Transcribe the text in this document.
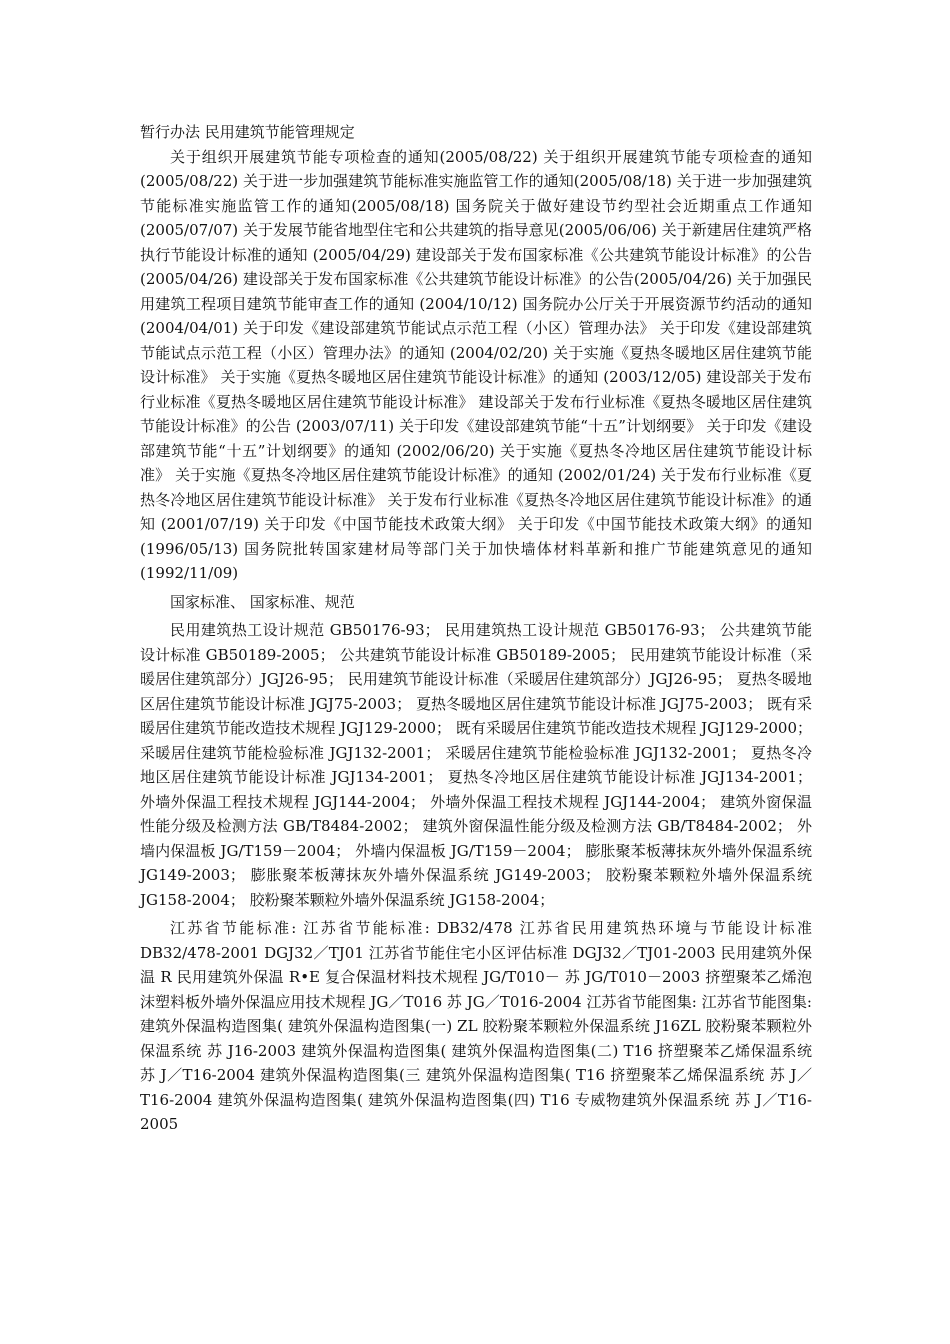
暂行办法 民用建筑节能管理规定

关于组织开展建筑节能专项检查的通知(2005/08/22) 关于组织开展建筑节能专项检查的通知(2005/08/22) 关于进一步加强建筑节能标准实施监管工作的通知(2005/08/18) 关于进一步加强建筑节能标准实施监管工作的通知(2005/08/18) 国务院关于做好建设节约型社会近期重点工作通知 (2005/07/07) 关于发展节能省地型住宅和公共建筑的指导意见(2005/06/06) 关于新建居住建筑严格执行节能设计标准的通知 (2005/04/29) 建设部关于发布国家标准《公共建筑节能设计标准》的公告(2005/04/26) 建设部关于发布国家标准《公共建筑节能设计标准》的公告(2005/04/26) 关于加强民用建筑工程项目建筑节能审查工作的通知 (2004/10/12) 国务院办公厅关于开展资源节约活动的通知 (2004/04/01) 关于印发《建设部建筑节能试点示范工程（小区）管理办法》 关于印发《建设部建筑节能试点示范工程（小区）管理办法》的通知 (2004/02/20) 关于实施《夏热冬暖地区居住建筑节能设计标准》 关于实施《夏热冬暖地区居住建筑节能设计标准》的通知 (2003/12/05) 建设部关于发布行业标准《夏热冬暖地区居住建筑节能设计标准》 建设部关于发布行业标准《夏热冬暖地区居住建筑节能设计标准》的公告 (2003/07/11) 关于印发《建设部建筑节能“十五”计划纲要》 关于印发《建设部建筑节能“十五”计划纲要》的通知 (2002/06/20) 关于实施《夏热冬冷地区居住建筑节能设计标准》 关于实施《夏热冬冷地区居住建筑节能设计标准》的通知 (2002/01/24) 关于发布行业标准《夏热冬冷地区居住建筑节能设计标准》 关于发布行业标准《夏热冬冷地区居住建筑节能设计标准》的通知 (2001/07/19) 关于印发《中国节能技术政策大纲》 关于印发《中国节能技术政策大纲》的通知 (1996/05/13) 国务院批转国家建材局等部门关于加快墙体材料革新和推广节能建筑意见的通知 (1992/11/09)

国家标准、 国家标准、规范

民用建筑热工设计规范 GB50176-93； 民用建筑热工设计规范 GB50176-93； 公共建筑节能设计标准 GB50189-2005； 公共建筑节能设计标准 GB50189-2005； 民用建筑节能设计标准（采暖居住建筑部分）JGJ26-95； 民用建筑节能设计标准（采暖居住建筑部分）JGJ26-95； 夏热冬暖地区居住建筑节能设计标准 JGJ75-2003； 夏热冬暖地区居住建筑节能设计标准 JGJ75-2003； 既有采暖居住建筑节能改造技术规程 JGJ129-2000； 既有采暖居住建筑节能改造技术规程 JGJ129-2000； 采暖居住建筑节能检验标准 JGJ132-2001； 采暖居住建筑节能检验标准 JGJ132-2001； 夏热冬冷地区居住建筑节能设计标准 JGJ134-2001； 夏热冬冷地区居住建筑节能设计标准 JGJ134-2001； 外墙外保温工程技术规程 JGJ144-2004； 外墙外保温工程技术规程 JGJ144-2004； 建筑外窗保温性能分级及检测方法 GB/T8484-2002； 建筑外窗保温性能分级及检测方法 GB/T8484-2002； 外墙内保温板 JG/T159－2004； 外墙内保温板 JG/T159－2004； 膨胀聚苯板薄抹灰外墙外保温系统 JG149-2003； 膨胀聚苯板薄抹灰外墙外保温系统 JG149-2003； 胶粉聚苯颗粒外墙外保温系统 JG158-2004； 胶粉聚苯颗粒外墙外保温系统 JG158-2004；

江苏省节能标准: 江苏省节能标准: DB32/478 江苏省民用建筑热环境与节能设计标准 DB32/478-2001 DGJ32／TJ01 江苏省节能住宅小区评估标准 DGJ32／TJ01-2003 民用建筑外保温 R 民用建筑外保温 R•E 复合保温材料技术规程 JG/T010－ 苏 JG/T010－2003 挤塑聚苯乙烯泡沫塑料板外墙外保温应用技术规程 JG／T016 苏 JG／T016-2004 江苏省节能图集: 江苏省节能图集: 建筑外保温构造图集( 建筑外保温构造图集(一) ZL 胶粉聚苯颗粒外保温系统 J16ZL 胶粉聚苯颗粒外保温系统 苏 J16-2003 建筑外保温构造图集( 建筑外保温构造图集(二) T16 挤塑聚苯乙烯保温系统 苏 J／T16-2004 建筑外保温构造图集(三 建筑外保温构造图集( T16 挤塑聚苯乙烯保温系统 苏 J／T16-2004 建筑外保温构造图集( 建筑外保温构造图集(四) T16 专威物建筑外保温系统 苏 J／T16-2005
